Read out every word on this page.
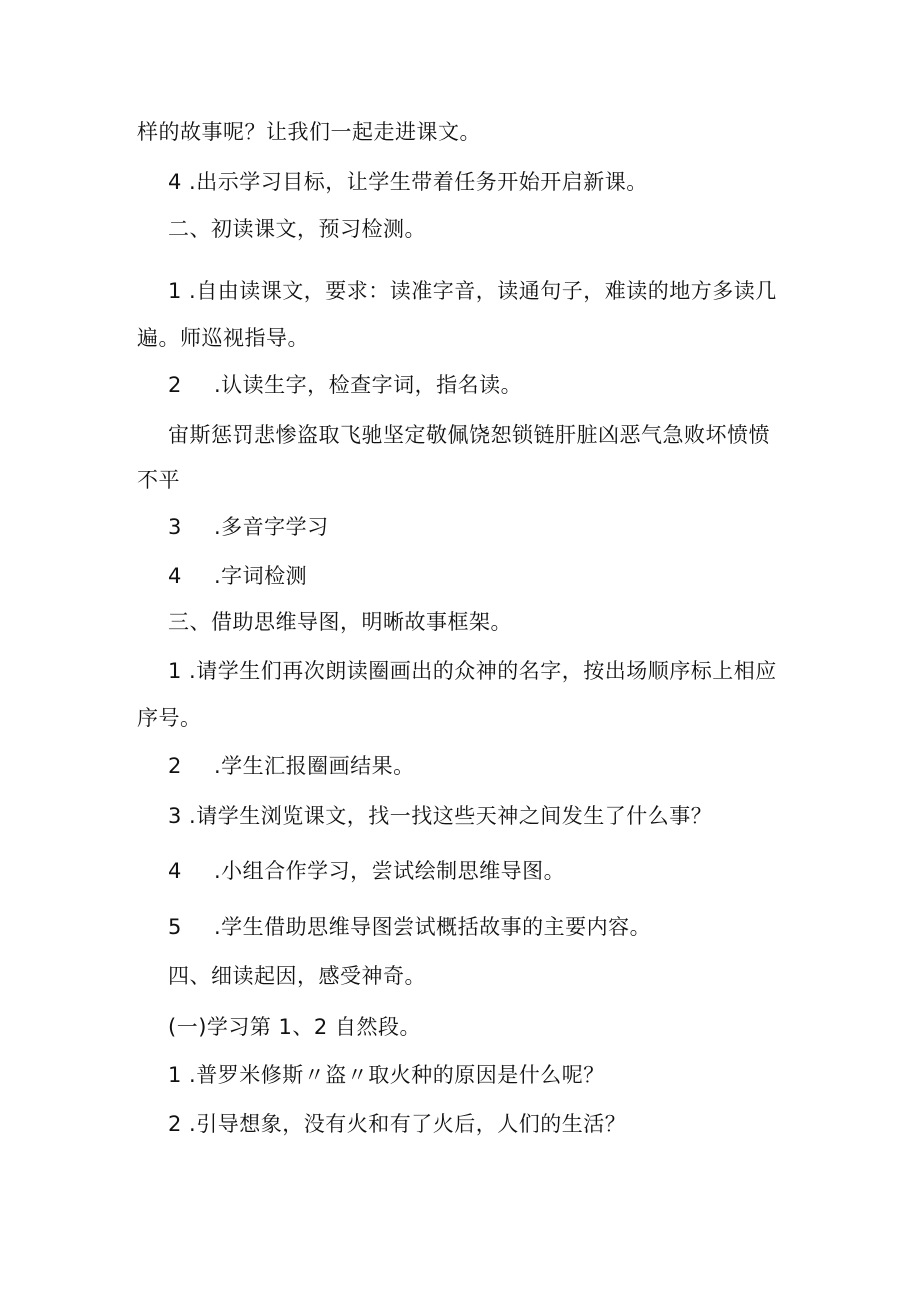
样的故事呢？让我们一起走进课文。
4 .出示学习目标，让学生带着任务开始开启新课。
二、初读课文，预习检测。
1 .自由读课文，要求：读准字音，读通句子，难读的地方多读几
遍。师巡视指导。
2 .认读生字，检查字词，指名读。
宙斯惩罚悲惨盗取飞驰坚定敬佩饶恕锁链肝脏凶恶气急败坏愤愤
不平
3 .多音字学习
4 .字词检测
三、借助思维导图，明晰故事框架。
1 .请学生们再次朗读圈画出的众神的名字，按出场顺序标上相应
序号。
2 .学生汇报圈画结果。
3 .请学生浏览课文，找一找这些天神之间发生了什么事？
4 .小组合作学习，尝试绘制思维导图。
5 .学生借助思维导图尝试概括故事的主要内容。
四、细读起因，感受神奇。
(一)学习第 1、2 自然段。
1 .普罗米修斯〃盗〃取火种的原因是什么呢？
2 .引导想象，没有火和有了火后，人们的生活？
